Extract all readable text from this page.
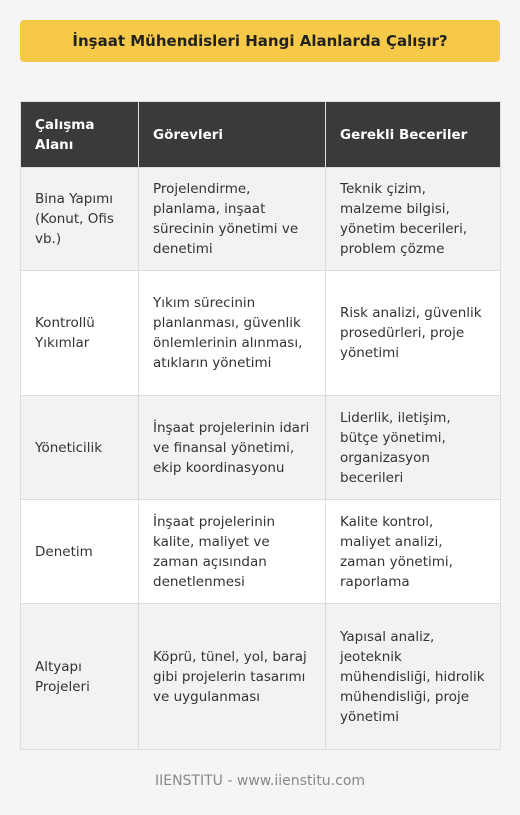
İnşaat Mühendisleri Hangi Alanlarda Çalışır?
Çalışma Alanı	Görevleri	Gerekli Beceriler
Bina Yapımı (Konut, Ofis vb.)	Projelendirme, planlama, inşaat sürecinin yönetimi ve denetimi	Teknik çizim, malzeme bilgisi, yönetim becerileri, problem çözme
Kontrollü Yıkımlar	Yıkım sürecinin planlanması, güvenlik önlemlerinin alınması, atıkların yönetimi	Risk analizi, güvenlik prosedürleri, proje yönetimi
Yöneticilik	İnşaat projelerinin idari ve finansal yönetimi, ekip koordinasyonu	Liderlik, iletişim, bütçe yönetimi, organizasyon becerileri
Denetim	İnşaat projelerinin kalite, maliyet ve zaman açısından denetlenmesi	Kalite kontrol, maliyet analizi, zaman yönetimi, raporlama
Altyapı Projeleri	Köprü, tünel, yol, baraj gibi projelerin tasarımı ve uygulanması	Yapısal analiz, jeoteknik mühendisliği, hidrolik mühendisliği, proje yönetimi
IIENSTITU - www.iienstitu.com
